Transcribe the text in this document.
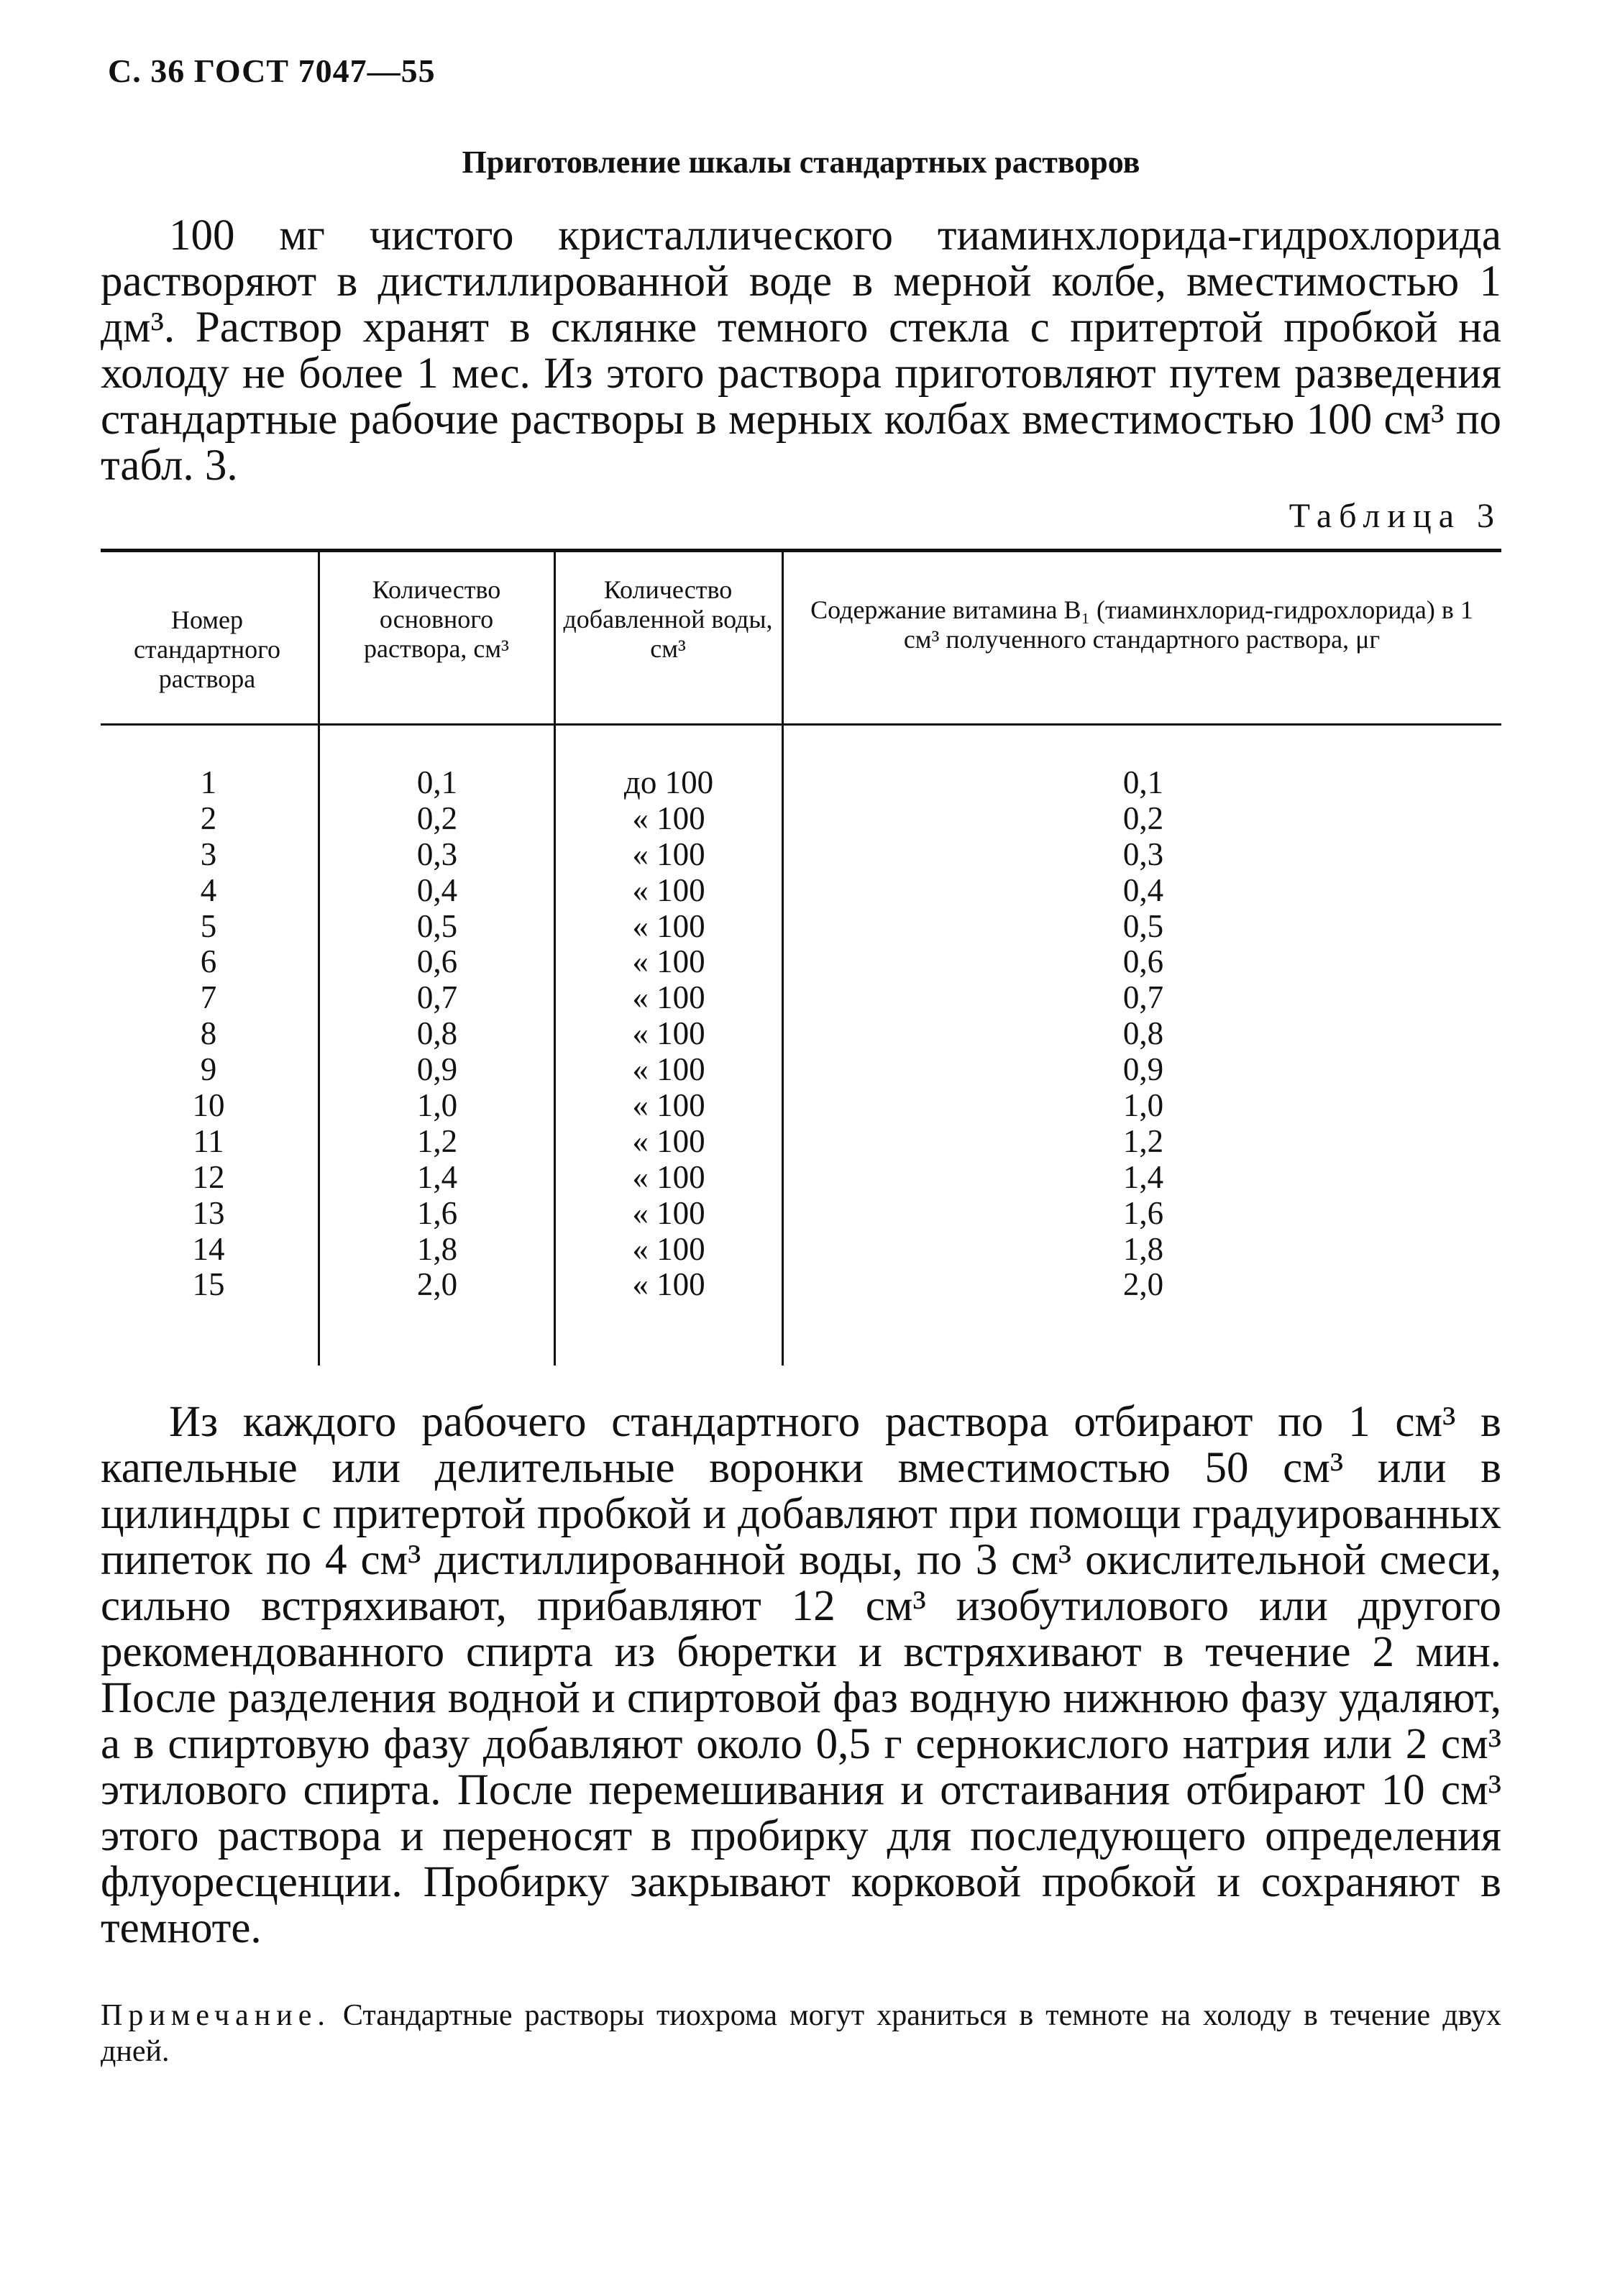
С. 36 ГОСТ 7047—55
Приготовление шкалы стандартных растворов

100 мг чистого кристаллического тиаминхлорида-гидрохлорида растворяют в дистиллированной воде в мерной колбе, вместимостью 1 дм³. Раствор хранят в склянке темного стекла с притертой пробкой на холоду не более 1 мес. Из этого раствора приготовляют путем разведения стандартные рабочие растворы в мерных колбах вместимостью 100 см³ по табл. 3.

Таблица 3
Номер стандартного раствора
Количество основного раствора, см³
Количество добавленной воды, см³
Содержание витамина B₁ (тиаминхлорид-гидрохлорида) в 1 см³ полученного стандартного раствора, μг
1
2
3
4
5
6
7
8
9
10
11
12
13
14
15
0,1
0,2
0,3
0,4
0,5
0,6
0,7
0,8
0,9
1,0
1,2
1,4
1,6
1,8
2,0
до 100
« 100
« 100
« 100
« 100
« 100
« 100
« 100
« 100
« 100
« 100
« 100
« 100
« 100
« 100
0,1
0,2
0,3
0,4
0,5
0,6
0,7
0,8
0,9
1,0
1,2
1,4
1,6
1,8
2,0

Из каждого рабочего стандартного раствора отбирают по 1 см³ в капельные или делительные воронки вместимостью 50 см³ или в цилиндры с притертой пробкой и добавляют при помощи градуированных пипеток по 4 см³ дистиллированной воды, по 3 см³ окислительной смеси, сильно встряхивают, прибавляют 12 см³ изобутилового или другого рекомендованного спирта из бюретки и встряхивают в течение 2 мин. После разделения водной и спиртовой фаз водную нижнюю фазу удаляют, а в спиртовую фазу добавляют около 0,5 г сернокислого натрия или 2 см³ этилового спирта. После перемешивания и отстаивания отбирают 10 см³ этого раствора и переносят в пробирку для последующего определения флуоресценции. Пробирку закрывают корковой пробкой и сохраняют в темноте.

Примечание. Стандартные растворы тиохрома могут храниться в темноте на холоду в течение двух дней.
